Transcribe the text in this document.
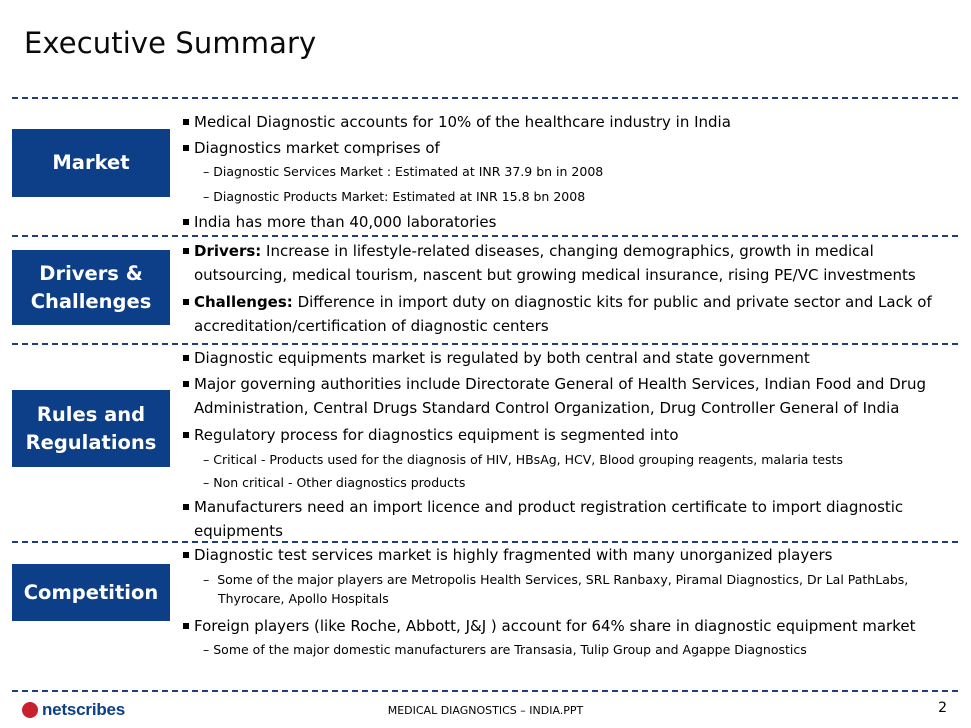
Executive Summary
Market
Drivers &
Challenges
Rules and
Regulations
Competition
Medical Diagnostic accounts for 10% of the healthcare industry in India
Diagnostics market comprises of
– Diagnostic Services Market : Estimated at INR 37.9 bn in 2008
– Diagnostic Products Market: Estimated at INR 15.8 bn 2008
India has more than 40,000 laboratories
Drivers: Increase in lifestyle-related diseases, changing demographics, growth in medical
outsourcing, medical tourism, nascent but growing medical insurance, rising PE/VC investments
Challenges: Difference in import duty on diagnostic kits for public and private sector and Lack of
accreditation/certification of diagnostic centers
Diagnostic equipments market is regulated by both central and state government
Major governing authorities include Directorate General of Health Services, Indian Food and Drug
Administration, Central Drugs Standard Control Organization, Drug Controller General of India
Regulatory process for diagnostics equipment is segmented into
– Critical - Products used for the diagnosis of HIV, HBsAg, HCV, Blood grouping reagents, malaria tests
– Non critical - Other diagnostics products
Manufacturers need an import licence and product registration certificate to import diagnostic
equipments
Diagnostic test services market is highly fragmented with many unorganized players
– Some of the major players are Metropolis Health Services, SRL Ranbaxy, Piramal Diagnostics, Dr Lal PathLabs,
Thyrocare, Apollo Hospitals
Foreign players (like Roche, Abbott, J&J ) account for 64% share in diagnostic equipment market
– Some of the major domestic manufacturers are Transasia, Tulip Group and Agappe Diagnostics
netscribes	MEDICAL DIAGNOSTICS – INDIA.PPT	2
